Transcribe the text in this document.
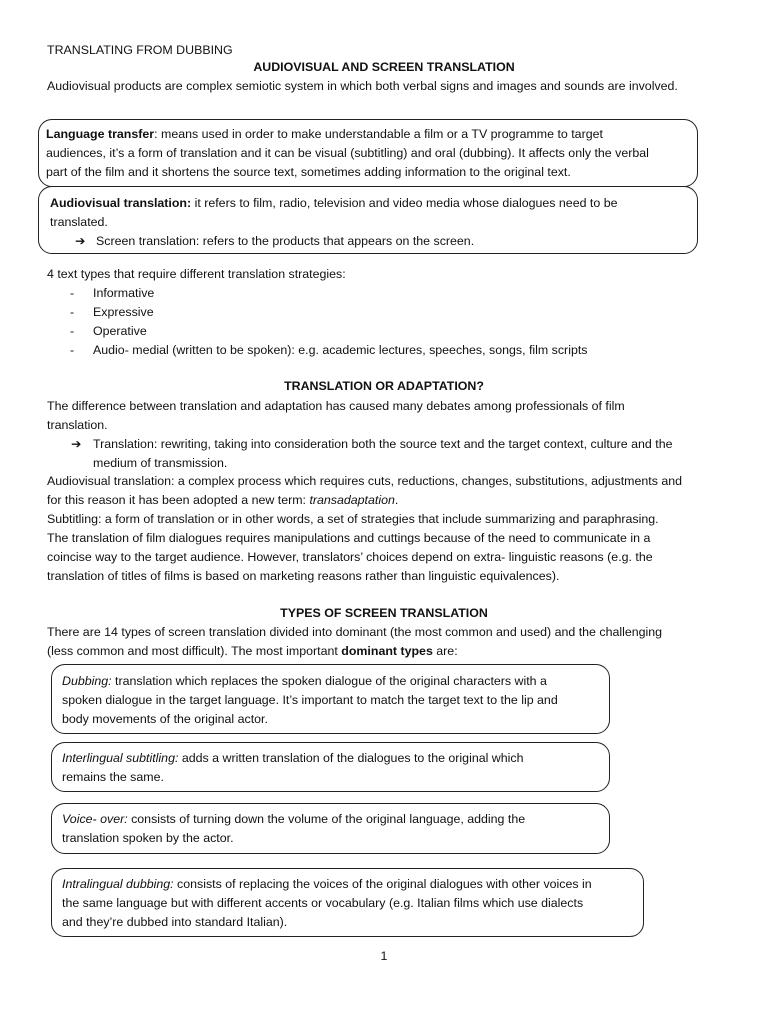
TRANSLATING FROM DUBBING
AUDIOVISUAL AND SCREEN TRANSLATION
Audiovisual products are complex semiotic system in which both verbal signs and images and sounds are involved.
Language transfer: means used in order to make understandable a film or a TV programme to target
audiences, it’s a form of translation and it can be visual (subtitling) and oral (dubbing). It affects only the verbal
part of the film and it shortens the source text, sometimes adding information to the original text.
Audiovisual translation: it refers to film, radio, television and video media whose dialogues need to be
translated.
➔ Screen translation: refers to the products that appears on the screen.
4 text types that require different translation strategies:
- Informative
- Expressive
- Operative
- Audio- medial (written to be spoken): e.g. academic lectures, speeches, songs, film scripts
TRANSLATION OR ADAPTATION?
The difference between translation and adaptation has caused many debates among professionals of film
translation.
➔ Translation: rewriting, taking into consideration both the source text and the target context, culture and the
medium of transmission.
Audiovisual translation: a complex process which requires cuts, reductions, changes, substitutions, adjustments and
for this reason it has been adopted a new term: transadaptation.
Subtitling: a form of translation or in other words, a set of strategies that include summarizing and paraphrasing.
The translation of film dialogues requires manipulations and cuttings because of the need to communicate in a
coincise way to the target audience. However, translators’ choices depend on extra- linguistic reasons (e.g. the
translation of titles of films is based on marketing reasons rather than linguistic equivalences).
TYPES OF SCREEN TRANSLATION
There are 14 types of screen translation divided into dominant (the most common and used) and the challenging
(less common and most difficult). The most important dominant types are:
Dubbing: translation which replaces the spoken dialogue of the original characters with a
spoken dialogue in the target language. It’s important to match the target text to the lip and
body movements of the original actor.
Interlingual subtitling: adds a written translation of the dialogues to the original which
remains the same.
Voice- over: consists of turning down the volume of the original language, adding the
translation spoken by the actor.
Intralingual dubbing: consists of replacing the voices of the original dialogues with other voices in
the same language but with different accents or vocabulary (e.g. Italian films which use dialects
and they’re dubbed into standard Italian).
1
